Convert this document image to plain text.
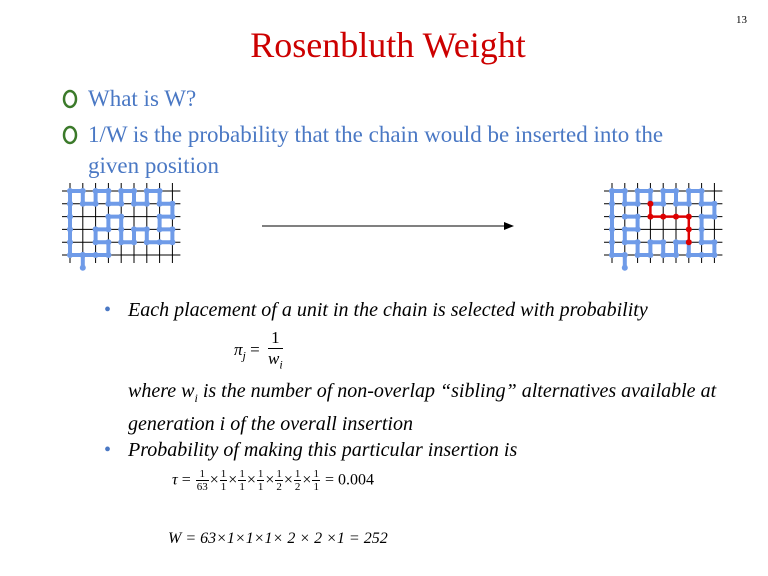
13
Rosenbluth Weight
What is W?
1/W is the probability that the chain would be inserted into the given position
• Each placement of a unit in the chain is selected with probability
$\pi_j = \frac{1}{w_i}$
where $w_i$ is the number of non-overlap “sibling” alternatives available at generation i of the overall insertion
• Probability of making this particular insertion is
$\tau = \frac{1}{63} \times \frac{1}{1} \times \frac{1}{1} \times \frac{1}{1} \times \frac{1}{2} \times \frac{1}{2} \times \frac{1}{1} = 0.004$
W = 63×1×1×1× 2 × 2 ×1 = 252
